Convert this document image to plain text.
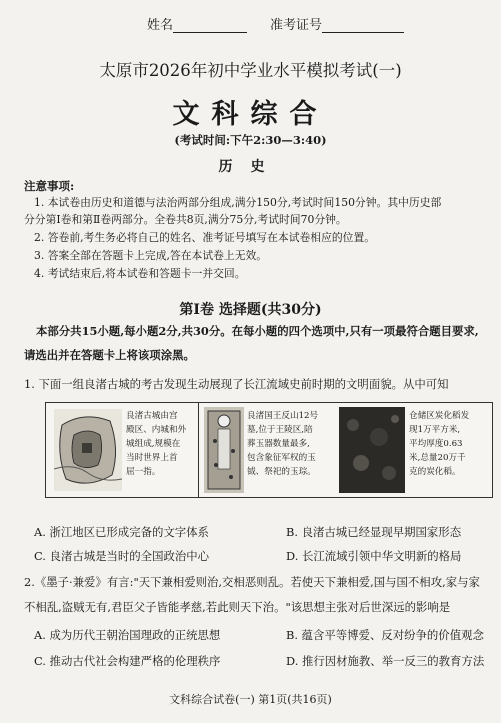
姓名	准考证号
太原市2026年初中学业水平模拟考试(一)
文科综合
(考试时间:下午2:30—3:40)
历史
注意事项:
1. 本试卷由历史和道德与法治两部分组成,满分150分,考试时间150分钟。其中历史部
分分第Ⅰ卷和第Ⅱ卷两部分。全卷共8页,满分75分,考试时间70分钟。
2. 答卷前,考生务必将自己的姓名、准考证号填写在本试卷相应的位置。
3. 答案全部在答题卡上完成,答在本试卷上无效。
4. 考试结束后,将本试卷和答题卡一并交回。
第Ⅰ卷 选择题(共30分)
本部分共15小题,每小题2分,共30分。在每小题的四个选项中,只有一项最符合题目要求,
请选出并在答题卡上将该项涂黑。
1. 下面一组良渚古城的考古发现生动展现了长江流域史前时期的文明面貌。从中可知
良渚古城由宫
殿区、内城和外
城组成,规模在
当时世界上首
屈一指。
良渚国王反山12号
墓,位于王陵区,陪
葬玉器数量最多,
包含象征军权的玉
钺、祭祀的玉琮。
仓储区炭化稻发
现1万平方米,
平均厚度0.63
米,总量20万千
克的炭化稻。
A. 浙江地区已形成完备的文字体系	B. 良渚古城已经显现早期国家形态
C. 良渚古城是当时的全国政治中心	D. 长江流域引领中华文明新的格局
2.《墨子·兼爱》有言:"天下兼相爱则治,交相恶则乱。若使天下兼相爱,国与国不相攻,家与家
不相乱,盗贼无有,君臣父子皆能孝慈,若此则天下治。"该思想主张对后世深远的影响是
A. 成为历代王朝治国理政的正统思想	B. 蕴含平等博爱、反对纷争的价值观念
C. 推动古代社会构建严格的伦理秩序	D. 推行因材施教、举一反三的教育方法
文科综合试卷(一) 第1页(共16页)
